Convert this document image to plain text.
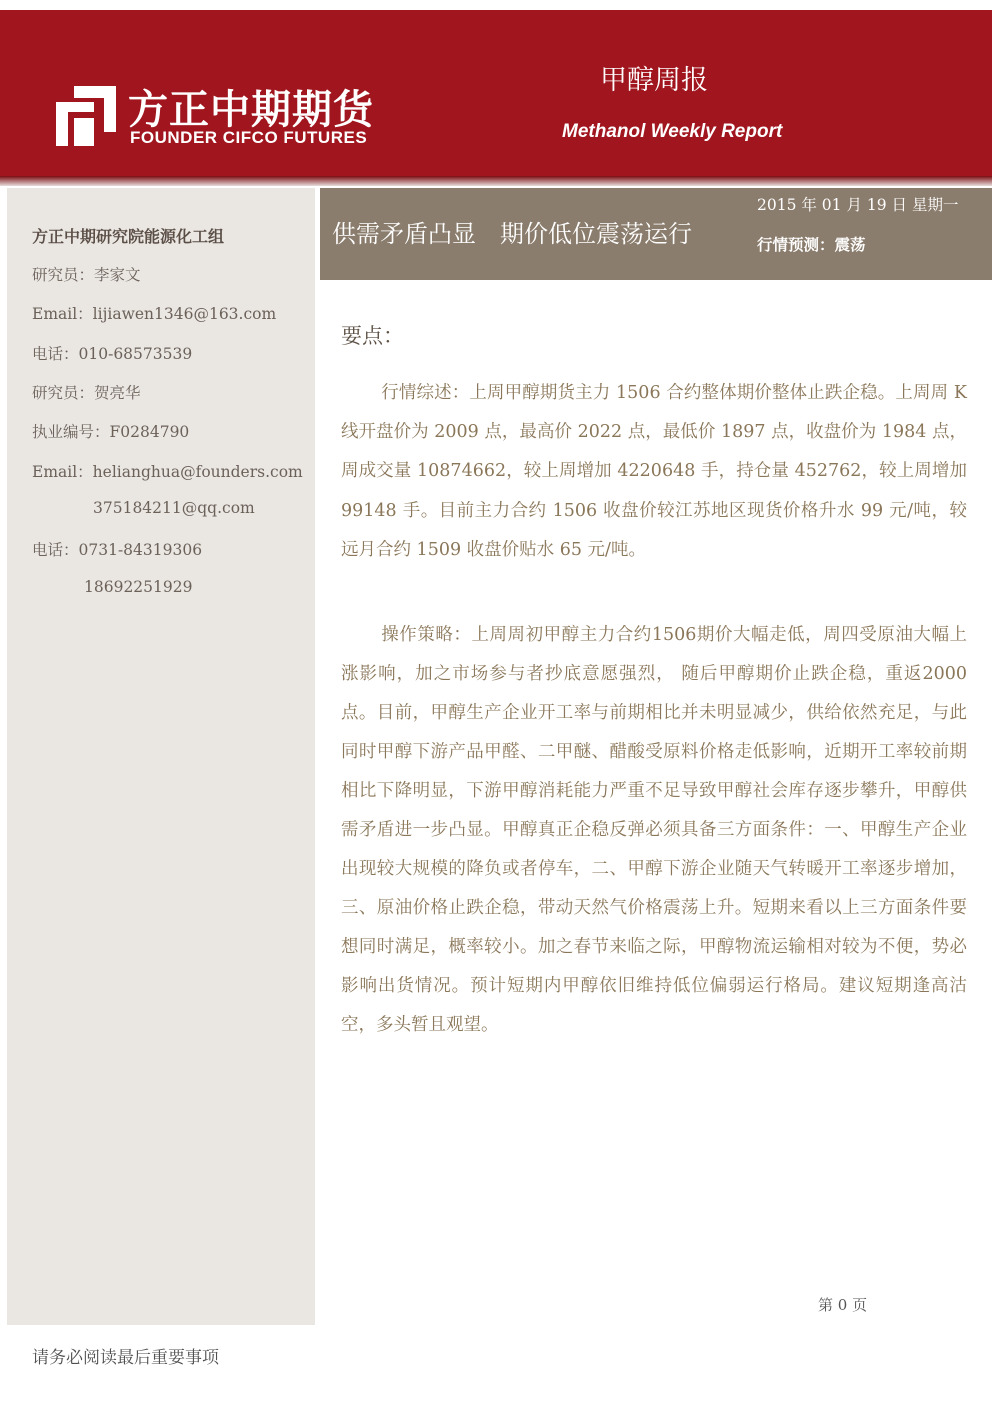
方正中期期货
FOUNDER CIFCO FUTURES
甲醇周报
Methanol Weekly Report
方正中期研究院能源化工组
研究员：李家文
Email：lijiawen1346@163.com
电话：010-68573539
研究员：贺亮华
执业编号：F0284790
Email：helianghua@founders.com
375184211@qq.com
电话：0731-84319306
18692251929
供需矛盾凸显　期价低位震荡运行
2015 年 01 月 19 日 星期一
行情预测：震荡
要点：

行情综述：上周甲醇期货主力 1506 合约整体期价整体止跌企稳。上周周 K 线开盘价为 2009 点，最高价 2022 点，最低价 1897 点，收盘价为 1984 点，周成交量 10874662，较上周增加 4220648 手，持仓量 452762，较上周增加 99148 手。目前主力合约 1506 收盘价较江苏地区现货价格升水 99 元/吨，较远月合约 1509 收盘价贴水 65 元/吨。

操作策略：上周周初甲醇主力合约1506期价大幅走低，周四受原油大幅上涨影响，加之市场参与者抄底意愿强烈， 随后甲醇期价止跌企稳，重返2000点。目前，甲醇生产企业开工率与前期相比并未明显减少，供给依然充足，与此同时甲醇下游产品甲醛、二甲醚、醋酸受原料价格走低影响，近期开工率较前期相比下降明显，下游甲醇消耗能力严重不足导致甲醇社会库存逐步攀升，甲醇供需矛盾进一步凸显。甲醇真正企稳反弹必须具备三方面条件：一、甲醇生产企业出现较大规模的降负或者停车，二、甲醇下游企业随天气转暖开工率逐步增加，三、原油价格止跌企稳，带动天然气价格震荡上升。短期来看以上三方面条件要想同时满足，概率较小。加之春节来临之际，甲醇物流运输相对较为不便，势必影响出货情况。预计短期内甲醇依旧维持低位偏弱运行格局。建议短期逢高沽空，多头暂且观望。

第 0 页
请务必阅读最后重要事项
